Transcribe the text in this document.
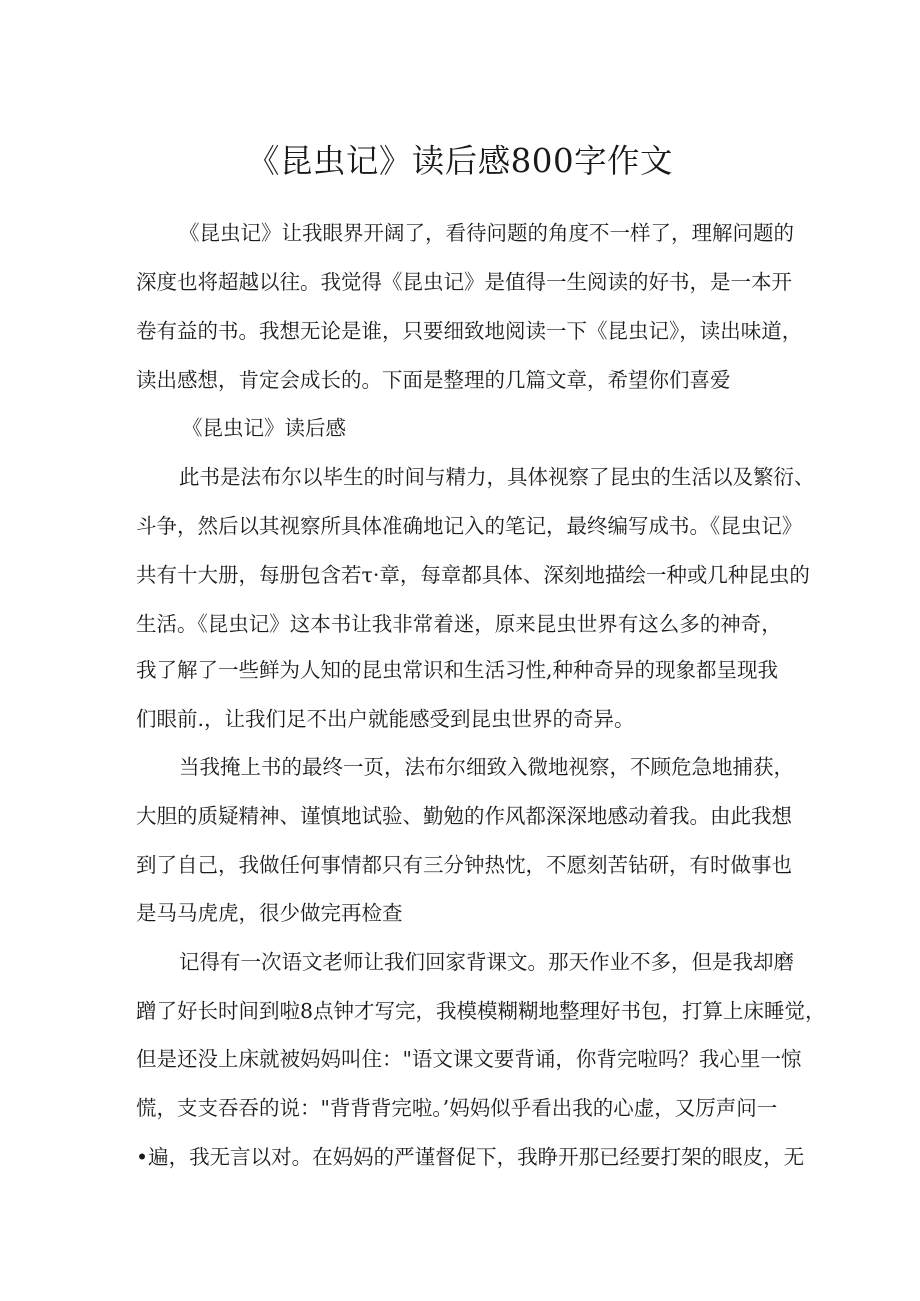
《昆虫记》读后感800字作文
《昆虫记》让我眼界开阔了，看待问题的角度不一样了，理解问题的
深度也将超越以往。我觉得《昆虫记》是值得一生阅读的好书，是一本开
卷有益的书。我想无论是谁，只要细致地阅读一下《昆虫记》，读出味道，
读出感想，肯定会成长的。下面是整理的几篇文章，希望你们喜爱
《昆虫记》读后感
此书是法布尔以毕生的时间与精力，具体视察了昆虫的生活以及繁衍、
斗争，然后以其视察所具体准确地记入的笔记，最终编写成书。《昆虫记》
共有十大册，每册包含若τ·章，每章都具体、深刻地描绘一种或几种昆虫的
生活。《昆虫记》这本书让我非常着迷，原来昆虫世界有这么多的神奇，
我了解了一些鲜为人知的昆虫常识和生活习性,种种奇异的现象都呈现我
们眼前.，让我们足不出户就能感受到昆虫世界的奇异。
当我掩上书的最终一页，法布尔细致入微地视察，不顾危急地捕获，
大胆的质疑精神、谨慎地试验、勤勉的作风都深深地感动着我。由此我想
到了自己，我做任何事情都只有三分钟热忱，不愿刻苦钻研，有时做事也
是马马虎虎，很少做完再检查
记得有一次语文老师让我们回家背课文。那天作业不多，但是我却磨
蹭了好长时间到啦8点钟才写完，我模模糊糊地整理好书包，打算上床睡觉，
但是还没上床就被妈妈叫住："语文课文要背诵，你背完啦吗？我心里一惊
慌，支支吞吞的说："背背背完啦。’妈妈似乎看出我的心虚，又厉声问一
•遍，我无言以对。在妈妈的严谨督促下，我睁开那已经要打架的眼皮，无
